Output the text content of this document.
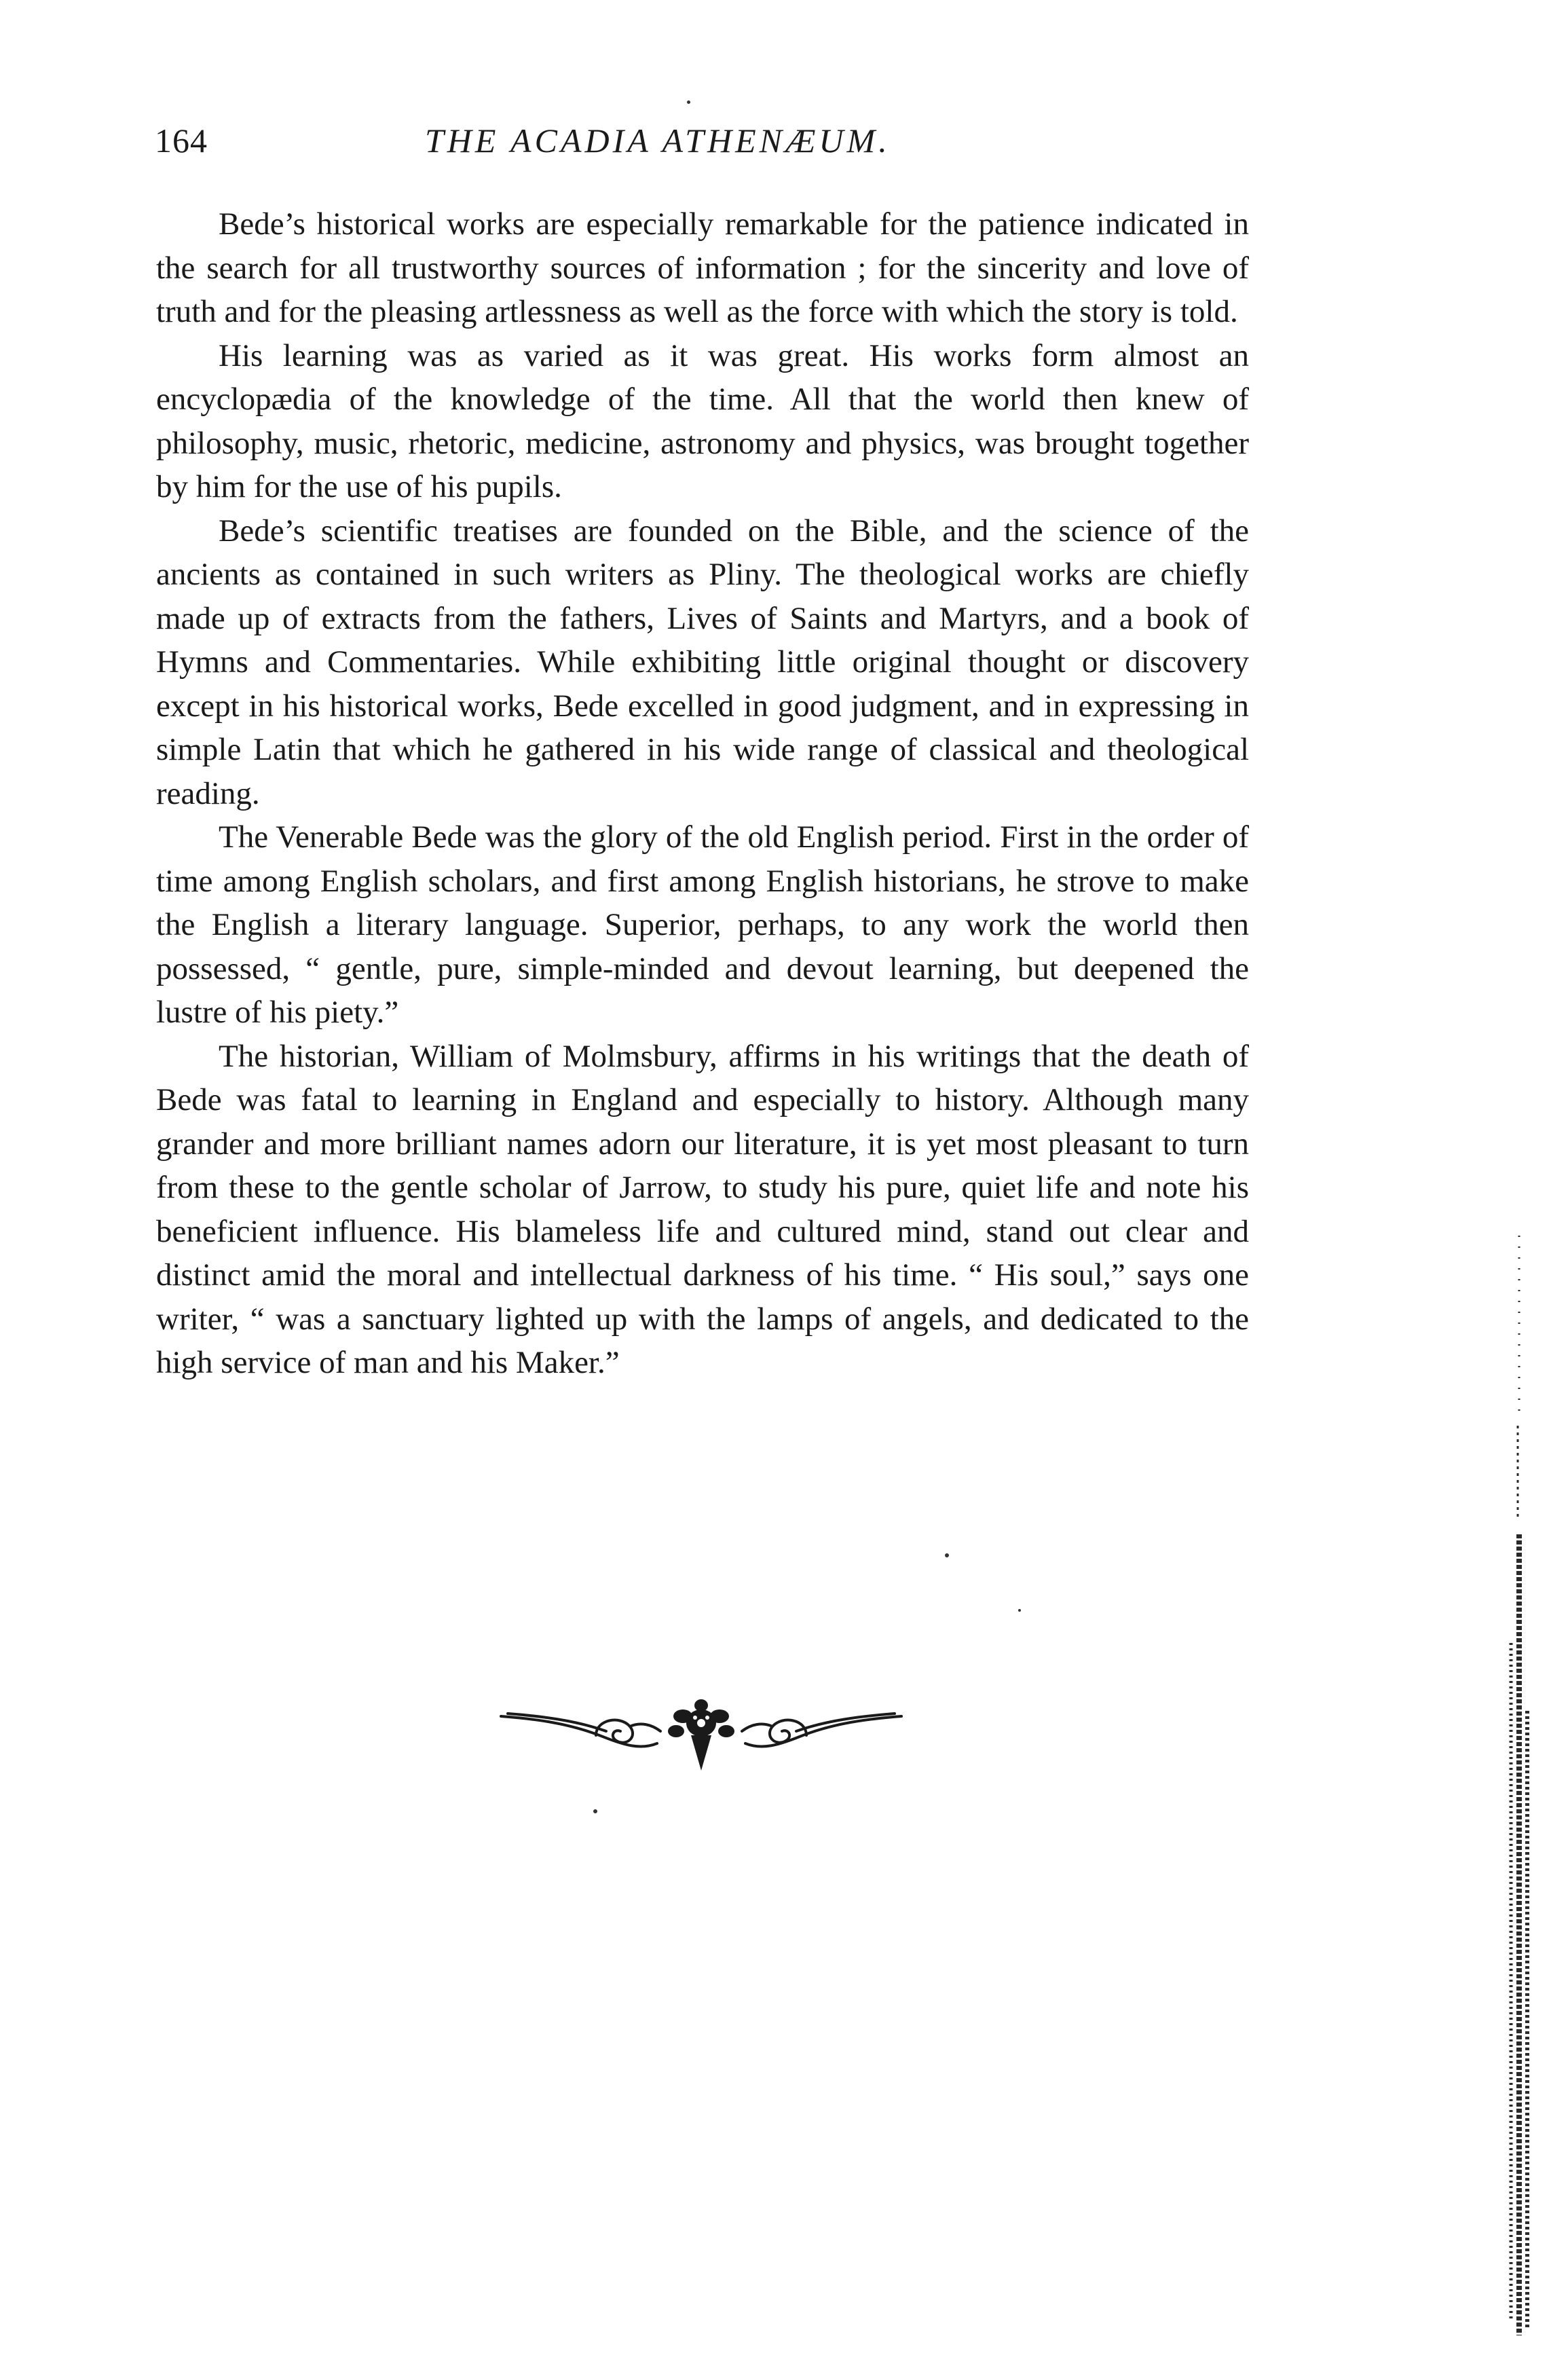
164	THE ACADIA ATHENÆUM.

Bede’s historical works are especially remarkable for the patience indicated in the search for all trustworthy sources of information ; for the sincerity and love of truth and for the pleasing artlessness as well as the force with which the story is told.

His learning was as varied as it was great. His works form almost an encyclopædia of the knowledge of the time. All that the world then knew of philosophy, music, rhetoric, medicine, astronomy and physics, was brought together by him for the use of his pupils.

Bede’s scientific treatises are founded on the Bible, and the science of the ancients as contained in such writers as Pliny. The theological works are chiefly made up of extracts from the fathers, Lives of Saints and Martyrs, and a book of Hymns and Commentaries. While exhibiting little original thought or discovery except in his historical works, Bede excelled in good judgment, and in expressing in simple Latin that which he gathered in his wide range of classical and theological reading.

The Venerable Bede was the glory of the old English period. First in the order of time among English scholars, and first among English historians, he strove to make the English a literary language. Superior, perhaps, to any work the world then possessed, “ gentle, pure, simple-minded and devout learning, but deepened the lustre of his piety.”

The historian, William of Molmsbury, affirms in his writings that the death of Bede was fatal to learning in England and especially to history. Although many grander and more brilliant names adorn our literature, it is yet most pleasant to turn from these to the gentle scholar of Jarrow, to study his pure, quiet life and note his beneficient influence. His blameless life and cultured mind, stand out clear and distinct amid the moral and intellectual darkness of his time. “ His soul,” says one writer, “ was a sanctuary lighted up with the lamps of angels, and dedicated to the high service of man and his Maker.”
